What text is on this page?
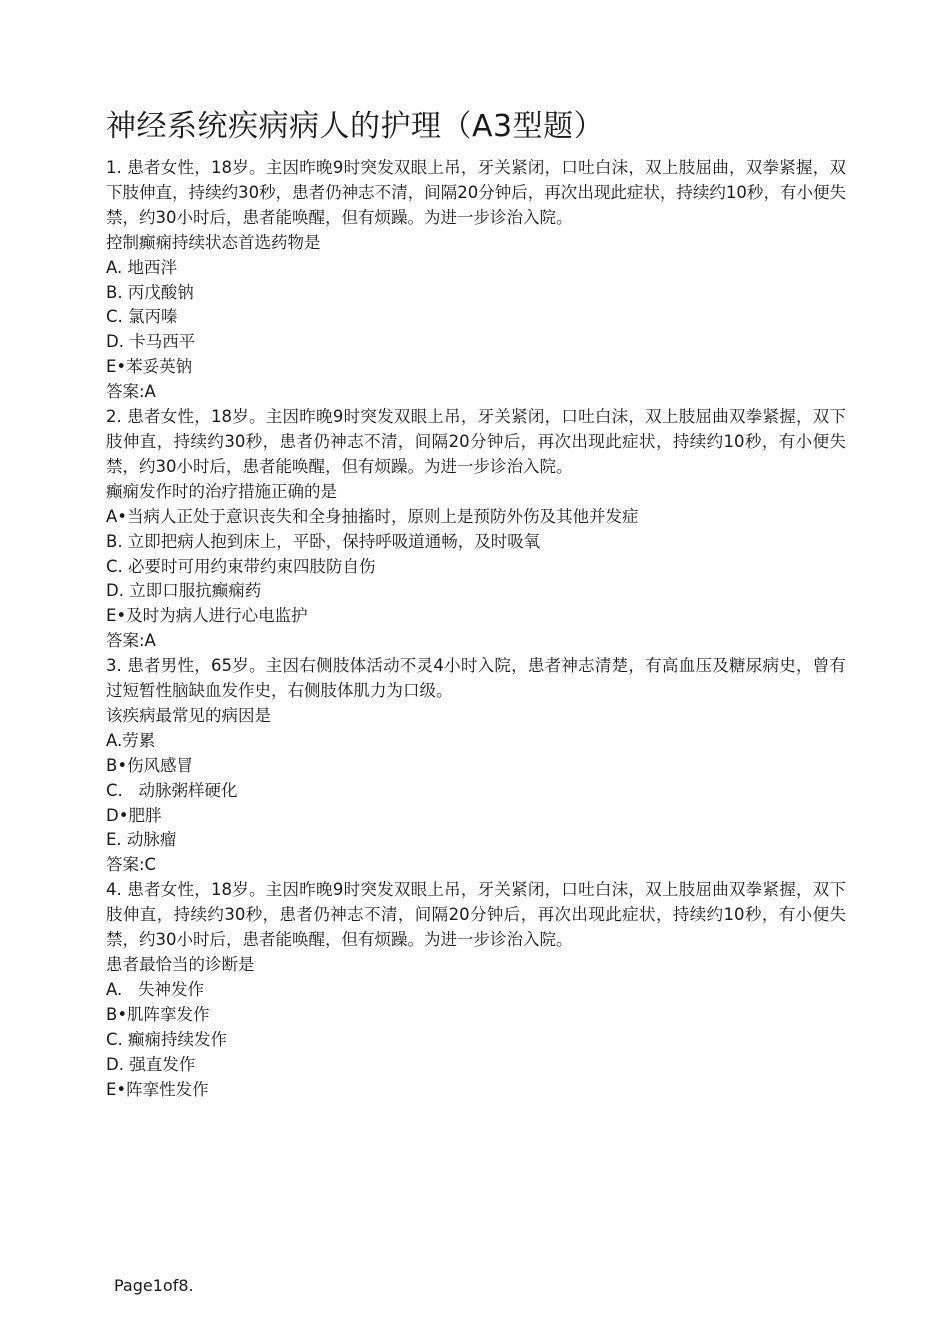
神经系统疾病病人的护理（A3型题）
1. 患者女性，18岁。主因昨晚9时突发双眼上吊，牙关紧闭，口吐白沫，双上肢屈曲，双拳紧握，双下肢伸直，持续约30秒，患者仍神志不清，间隔20分钟后，再次出现此症状，持续约10秒，有小便失禁，约30小时后，患者能唤醒，但有烦躁。为进一步诊治入院。
控制癫痫持续状态首选药物是
A. 地西泮
B. 丙戊酸钠
C. 氯丙嗪
D. 卡马西平
E•苯妥英钠
答案:A
2. 患者女性，18岁。主因昨晚9时突发双眼上吊，牙关紧闭，口吐白沫，双上肢屈曲双拳紧握，双下肢伸直，持续约30秒，患者仍神志不清，间隔20分钟后，再次出现此症状，持续约10秒，有小便失禁，约30小时后，患者能唤醒，但有烦躁。为进一步诊治入院。
癫痫发作时的治疗措施正确的是
A•当病人正处于意识丧失和全身抽搐时，原则上是预防外伤及其他并发症
B. 立即把病人抱到床上，平卧，保持呼吸道通畅，及时吸氧
C. 必要时可用约束带约束四肢防自伤
D. 立即口服抗癫痫药
E•及时为病人进行心电监护
答案:A
3. 患者男性，65岁。主因右侧肢体活动不灵4小时入院，患者神志清楚，有高血压及糖尿病史，曾有过短暂性脑缺血发作史，右侧肢体肌力为口级。
该疾病最常见的病因是
A.劳累
B•伤风感冒
C.   动脉粥样硬化
D•肥胖
E. 动脉瘤
答案:C
4. 患者女性，18岁。主因昨晚9时突发双眼上吊，牙关紧闭，口吐白沫，双上肢屈曲双拳紧握，双下肢伸直，持续约30秒，患者仍神志不清，间隔20分钟后，再次出现此症状，持续约10秒，有小便失禁，约30小时后，患者能唤醒，但有烦躁。为进一步诊治入院。
患者最恰当的诊断是
A.   失神发作
B•肌阵挛发作
C. 癫痫持续发作
D. 强直发作
E•阵挛性发作
Page1of8.
